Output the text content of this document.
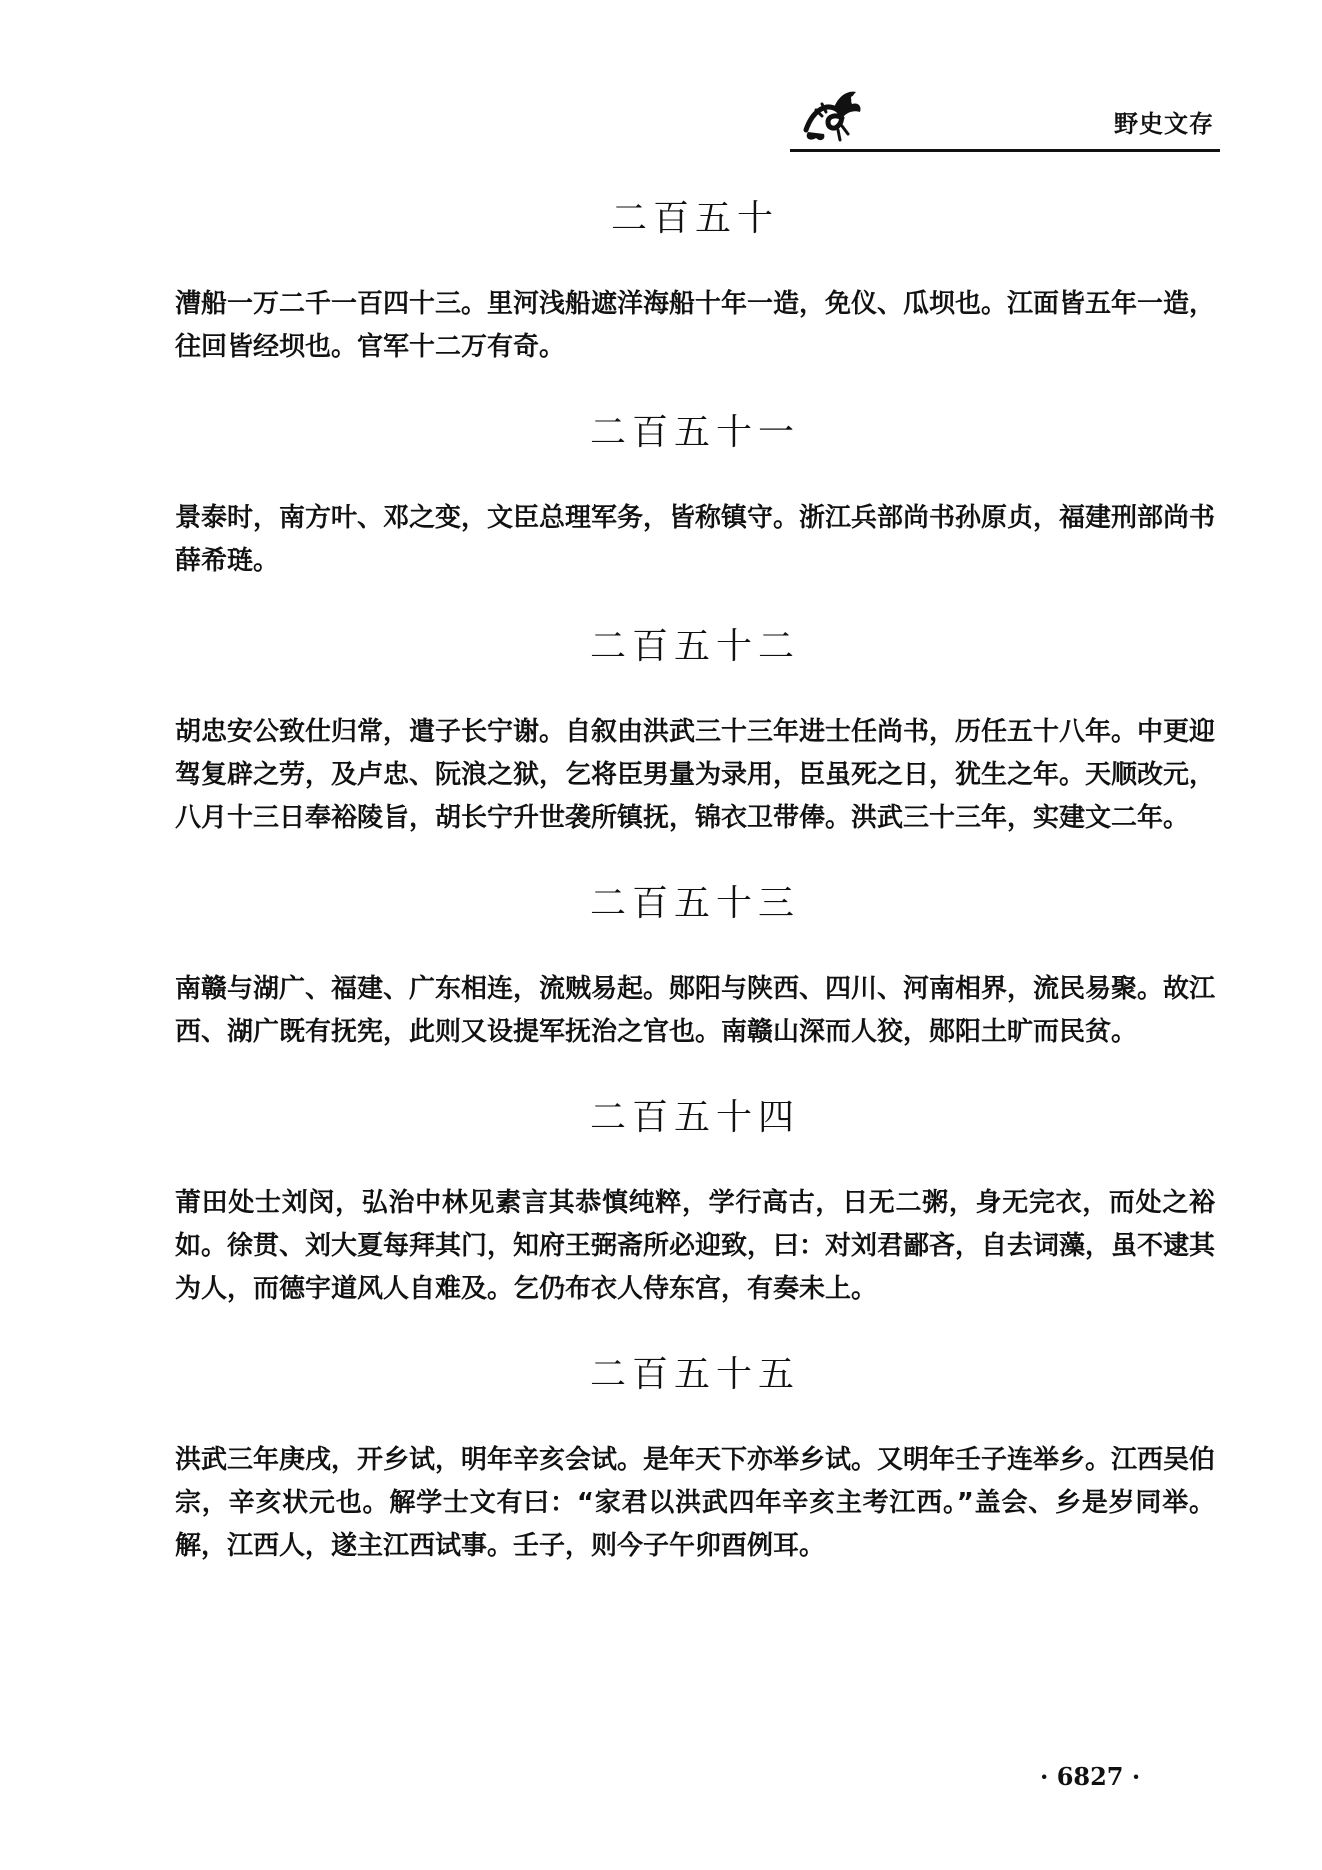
野史文存
二百五十

漕船一万二千一百四十三。里河浅船遮洋海船十年一造，免仪、瓜坝也。江面皆五年一造，往回皆经坝也。官军十二万有奇。

二百五十一

景泰时，南方叶、邓之变，文臣总理军务，皆称镇守。浙江兵部尚书孙原贞，福建刑部尚书薛希琏。

二百五十二

胡忠安公致仕归常，遣子长宁谢。自叙由洪武三十三年进士任尚书，历任五十八年。中更迎驾复辟之劳，及卢忠、阮浪之狱，乞将臣男量为录用，臣虽死之日，犹生之年。天顺改元，八月十三日奉裕陵旨，胡长宁升世袭所镇抚，锦衣卫带俸。洪武三十三年，实建文二年。

二百五十三

南赣与湖广、福建、广东相连，流贼易起。郧阳与陕西、四川、河南相界，流民易聚。故江西、湖广既有抚宪，此则又设提军抚治之官也。南赣山深而人狡，郧阳土旷而民贫。

二百五十四

莆田处士刘闵，弘治中林见素言其恭慎纯粹，学行高古，日无二粥，身无完衣，而处之裕如。徐贯、刘大夏每拜其门，知府王弼斋所必迎致，曰：对刘君鄙吝，自去词藻，虽不逮其为人，而德宇道风人自难及。乞仍布衣人侍东宫，有奏未上。

二百五十五

洪武三年庚戌，开乡试，明年辛亥会试。是年天下亦举乡试。又明年壬子连举乡。江西吴伯宗，辛亥状元也。解学士文有曰：“家君以洪武四年辛亥主考江西。”盖会、乡是岁同举。解，江西人，遂主江西试事。壬子，则今子午卯酉例耳。

· 6827 ·
